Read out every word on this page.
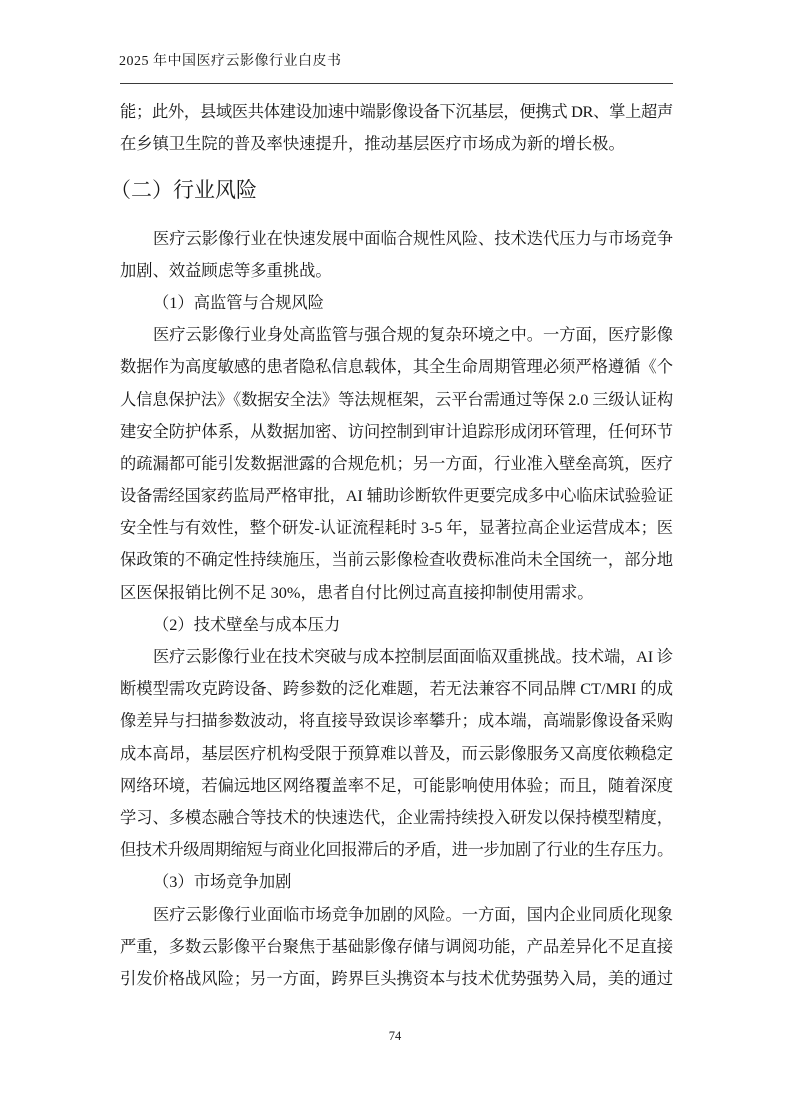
2025 年中国医疗云影像行业白皮书
能；此外，县域医共体建设加速中端影像设备下沉基层，便携式 DR、掌上超声
在乡镇卫生院的普及率快速提升，推动基层医疗市场成为新的增长极。
（二）行业风险
医疗云影像行业在快速发展中面临合规性风险、技术迭代压力与市场竞争
加剧、效益顾虑等多重挑战。
（1）高监管与合规风险
医疗云影像行业身处高监管与强合规的复杂环境之中。一方面，医疗影像
数据作为高度敏感的患者隐私信息载体，其全生命周期管理必须严格遵循《个
人信息保护法》《数据安全法》等法规框架，云平台需通过等保 2.0 三级认证构
建安全防护体系，从数据加密、访问控制到审计追踪形成闭环管理，任何环节
的疏漏都可能引发数据泄露的合规危机；另一方面，行业准入壁垒高筑，医疗
设备需经国家药监局严格审批，AI 辅助诊断软件更要完成多中心临床试验验证
安全性与有效性，整个研发-认证流程耗时 3-5 年，显著拉高企业运营成本；医
保政策的不确定性持续施压，当前云影像检查收费标准尚未全国统一，部分地
区医保报销比例不足 30%，患者自付比例过高直接抑制使用需求。
（2）技术壁垒与成本压力
医疗云影像行业在技术突破与成本控制层面面临双重挑战。技术端，AI 诊
断模型需攻克跨设备、跨参数的泛化难题，若无法兼容不同品牌 CT/MRI 的成
像差异与扫描参数波动，将直接导致误诊率攀升；成本端，高端影像设备采购
成本高昂，基层医疗机构受限于预算难以普及，而云影像服务又高度依赖稳定
网络环境，若偏远地区网络覆盖率不足，可能影响使用体验；而且，随着深度
学习、多模态融合等技术的快速迭代，企业需持续投入研发以保持模型精度，
但技术升级周期缩短与商业化回报滞后的矛盾，进一步加剧了行业的生存压力。
（3）市场竞争加剧
医疗云影像行业面临市场竞争加剧的风险。一方面，国内企业同质化现象
严重，多数云影像平台聚焦于基础影像存储与调阅功能，产品差异化不足直接
引发价格战风险；另一方面，跨界巨头携资本与技术优势强势入局，美的通过
74
